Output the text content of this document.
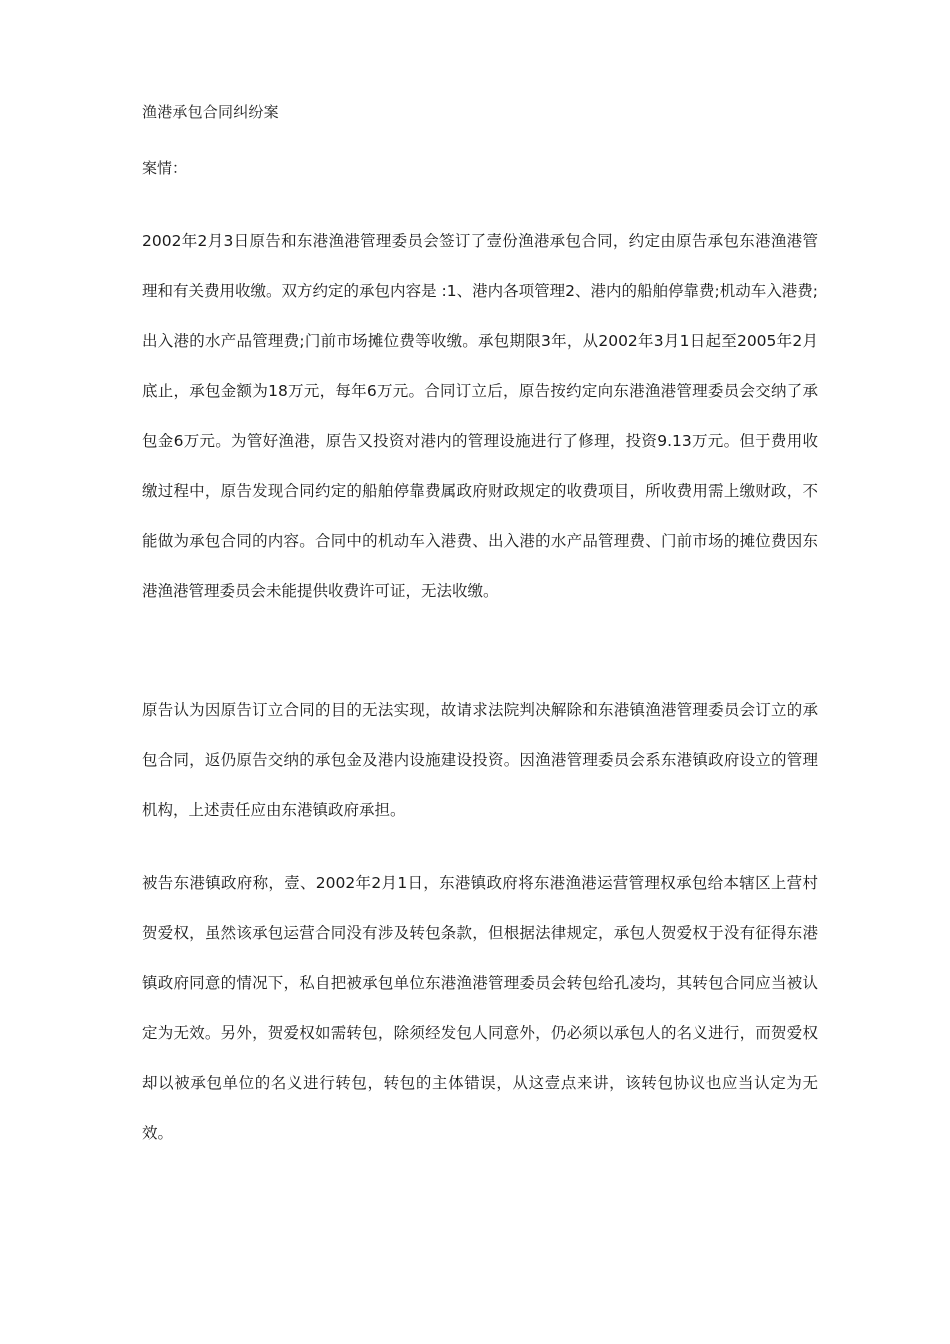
渔港承包合同纠纷案
案情：

2002年2月3日原告和东港渔港管理委员会签订了壹份渔港承包合同，约定由原告承包东港渔港管理和有关费用收缴。双方约定的承包内容是 :1、港内各项管理2、港内的船舶停靠费;机动车入港费;出入港的水产品管理费;门前市场摊位费等收缴。承包期限3年，从2002年3月1日起至2005年2月底止，承包金额为18万元，每年6万元。合同订立后，原告按约定向东港渔港管理委员会交纳了承包金6万元。为管好渔港，原告又投资对港内的管理设施进行了修理，投资9.13万元。但于费用收缴过程中，原告发现合同约定的船舶停靠费属政府财政规定的收费项目，所收费用需上缴财政，不能做为承包合同的内容。合同中的机动车入港费、出入港的水产品管理费、门前市场的摊位费因东港渔港管理委员会未能提供收费许可证，无法收缴。

原告认为因原告订立合同的目的无法实现，故请求法院判决解除和东港镇渔港管理委员会订立的承包合同，返仍原告交纳的承包金及港内设施建设投资。因渔港管理委员会系东港镇政府设立的管理机构，上述责任应由东港镇政府承担。

被告东港镇政府称，壹、2002年2月1日，东港镇政府将东港渔港运营管理权承包给本辖区上营村贺爱权，虽然该承包运营合同没有涉及转包条款，但根据法律规定，承包人贺爱权于没有征得东港镇政府同意的情况下，私自把被承包单位东港渔港管理委员会转包给孔凌均，其转包合同应当被认定为无效。另外，贺爱权如需转包，除须经发包人同意外，仍必须以承包人的名义进行，而贺爱权却以被承包单位的名义进行转包，转包的主体错误，从这壹点来讲，该转包协议也应当认定为无效。
